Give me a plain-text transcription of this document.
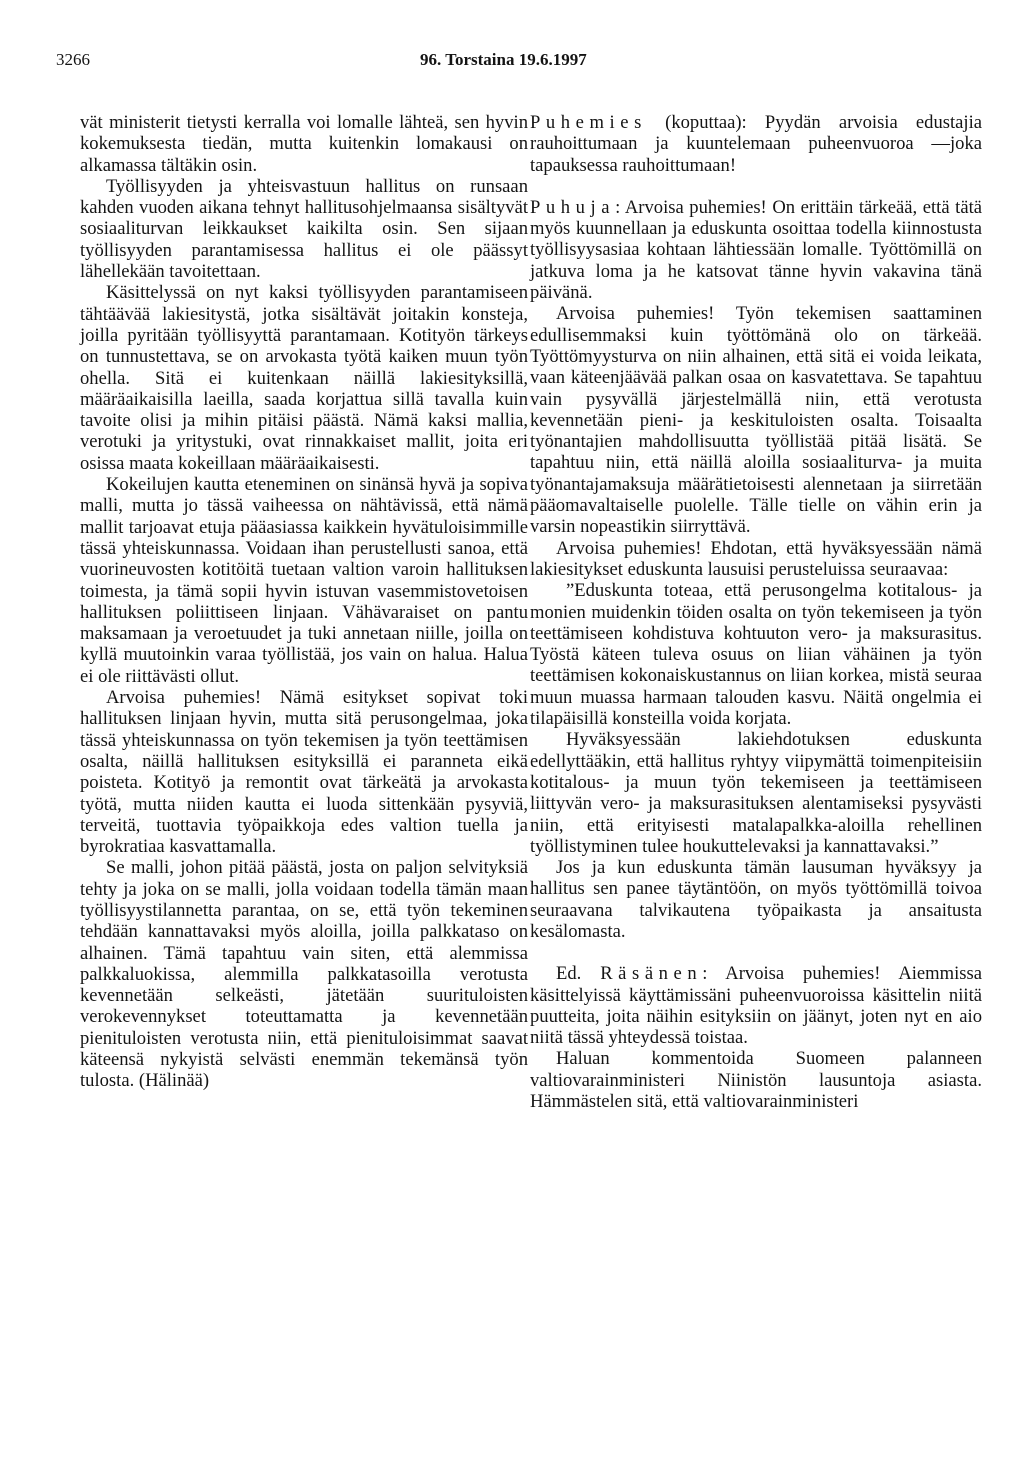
3266	96. Torstaina 19.6.1997

vät ministerit tietysti kerralla voi lomalle lähteä, sen hyvin kokemuksesta tiedän, mutta kuitenkin lomakausi on alkamassa tältäkin osin.

Työllisyyden ja yhteisvastuun hallitus on runsaan kahden vuoden aikana tehnyt hallitusohjelmaansa sisältyvät sosiaaliturvan leikkaukset kaikilta osin. Sen sijaan työllisyyden parantamisessa hallitus ei ole päässyt lähellekään tavoitettaan.

Käsittelyssä on nyt kaksi työllisyyden parantamiseen tähtäävää lakiesitystä, jotka sisältävät joitakin konsteja, joilla pyritään työllisyyttä parantamaan. Kotityön tärkeys on tunnustettava, se on arvokasta työtä kaiken muun työn ohella. Sitä ei kuitenkaan näillä lakiesityksillä, määräaikaisilla laeilla, saada korjattua sillä tavalla kuin tavoite olisi ja mihin pitäisi päästä. Nämä kaksi mallia, verotuki ja yritystuki, ovat rinnakkaiset mallit, joita eri osissa maata kokeillaan määräaikaisesti.

Kokeilujen kautta eteneminen on sinänsä hyvä ja sopiva malli, mutta jo tässä vaiheessa on nähtävissä, että nämä mallit tarjoavat etuja pääasiassa kaikkein hyvätuloisimmille tässä yhteiskunnassa. Voidaan ihan perustellusti sanoa, että vuorineuvosten kotitöitä tuetaan valtion varoin hallituksen toimesta, ja tämä sopii hyvin istuvan vasemmistovetoisen hallituksen poliittiseen linjaan. Vähävaraiset on pantu maksamaan ja veroetuudet ja tuki annetaan niille, joilla on kyllä muutoinkin varaa työllistää, jos vain on halua. Halua ei ole riittävästi ollut.

Arvoisa puhemies! Nämä esitykset sopivat toki hallituksen linjaan hyvin, mutta sitä perusongelmaa, joka tässä yhteiskunnassa on työn tekemisen ja työn teettämisen osalta, näillä hallituksen esityksillä ei paranneta eikä poisteta. Kotityö ja remontit ovat tärkeätä ja arvokasta työtä, mutta niiden kautta ei luoda sittenkään pysyviä, terveitä, tuottavia työpaikkoja edes valtion tuella ja byrokratiaa kasvattamalla.

Se malli, johon pitää päästä, josta on paljon selvityksiä tehty ja joka on se malli, jolla voidaan todella tämän maan työllisyystilannetta parantaa, on se, että työn tekeminen tehdään kannattavaksi myös aloilla, joilla palkkataso on alhainen. Tämä tapahtuu vain siten, että alemmissa palkkaluokissa, alemmilla palkkatasoilla verotusta kevennetään selkeästi, jätetään suurituloisten verokevennykset toteuttamatta ja kevennetään pienituloisten verotusta niin, että pienituloisimmat saavat käteensä nykyistä selvästi enemmän tekemänsä työn tulosta. (Hälinää)

Puhemies (koputtaa): Pyydän arvoisia edustajia rauhoittumaan ja kuuntelemaan puheenvuoroa —joka tapauksessa rauhoittumaan!

Puhuja: Arvoisa puhemies! On erittäin tärkeää, että tätä myös kuunnellaan ja eduskunta osoittaa todella kiinnostusta työllisyysasiaa kohtaan lähtiessään lomalle. Työttömillä on jatkuva loma ja he katsovat tänne hyvin vakavina tänä päivänä.

Arvoisa puhemies! Työn tekemisen saattaminen edullisemmaksi kuin työttömänä olo on tärkeää. Työttömyysturva on niin alhainen, että sitä ei voida leikata, vaan käteenjäävää palkan osaa on kasvatettava. Se tapahtuu vain pysyvällä järjestelmällä niin, että verotusta kevennetään pieni- ja keskituloisten osalta. Toisaalta työnantajien mahdollisuutta työllistää pitää lisätä. Se tapahtuu niin, että näillä aloilla sosiaaliturva- ja muita työnantajamaksuja määrätietoisesti alennetaan ja siirretään pääomavaltaiselle puolelle. Tälle tielle on vähin erin ja varsin nopeastikin siirryttävä.

Arvoisa puhemies! Ehdotan, että hyväksyessään nämä lakiesitykset eduskunta lausuisi perusteluissa seuraavaa:

”Eduskunta toteaa, että perusongelma kotitalous- ja monien muidenkin töiden osalta on työn tekemiseen ja työn teettämiseen kohdistuva kohtuuton vero- ja maksurasitus. Työstä käteen tuleva osuus on liian vähäinen ja työn teettämisen kokonaiskustannus on liian korkea, mistä seuraa muun muassa harmaan talouden kasvu. Näitä ongelmia ei tilapäisillä konsteilla voida korjata.

Hyväksyessään lakiehdotuksen eduskunta edellyttääkin, että hallitus ryhtyy viipymättä toimenpiteisiin kotitalous- ja muun työn tekemiseen ja teettämiseen liittyvän vero- ja maksurasituksen alentamiseksi pysyvästi niin, että erityisesti matalapalkka-aloilla rehellinen työllistyminen tulee houkuttelevaksi ja kannattavaksi.”

Jos ja kun eduskunta tämän lausuman hyväksyy ja hallitus sen panee täytäntöön, on myös työttömillä toivoa seuraavana talvikautena työpaikasta ja ansaitusta kesälomasta.

Ed. Räsänen: Arvoisa puhemies! Aiemmissa käsittelyissä käyttämissäni puheenvuoroissa käsittelin niitä puutteita, joita näihin esityksiin on jäänyt, joten nyt en aio niitä tässä yhteydessä toistaa.

Haluan kommentoida Suomeen palanneen valtiovarainministeri Niinistön lausuntoja asiasta. Hämmästelen sitä, että valtiovarainministeri
